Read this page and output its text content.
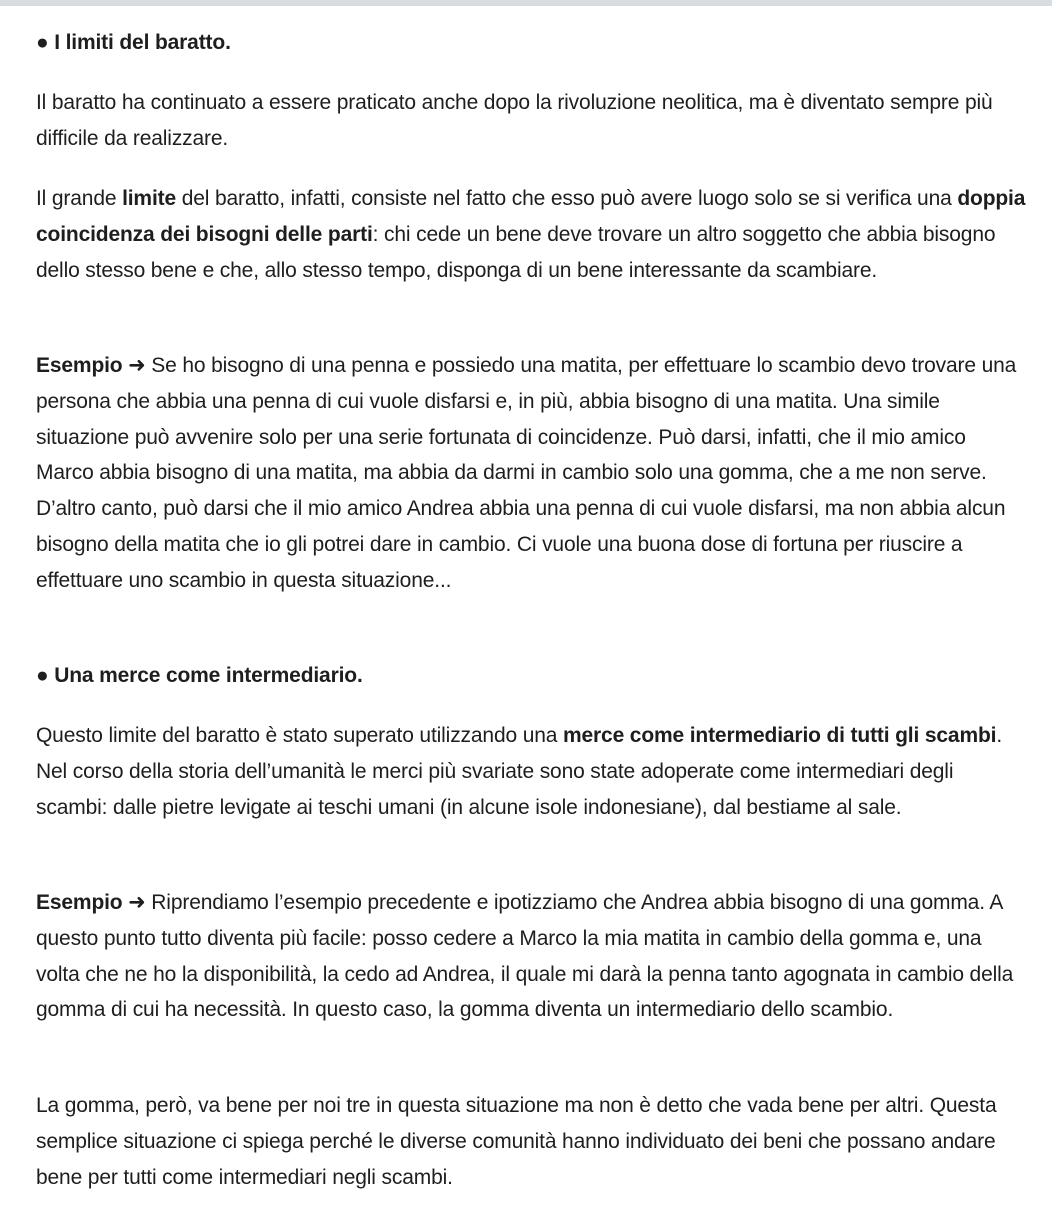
● I limiti del baratto.

Il baratto ha continuato a essere praticato anche dopo la rivoluzione neolitica, ma è diventato sempre più difficile da realizzare.

Il grande limite del baratto, infatti, consiste nel fatto che esso può avere luogo solo se si verifica una doppia coincidenza dei bisogni delle parti: chi cede un bene deve trovare un altro soggetto che abbia bisogno dello stesso bene e che, allo stesso tempo, disponga di un bene interessante da scambiare.

Esempio ➜ Se ho bisogno di una penna e possiedo una matita, per effettuare lo scambio devo trovare una persona che abbia una penna di cui vuole disfarsi e, in più, abbia bisogno di una matita. Una simile situazione può avvenire solo per una serie fortunata di coincidenze. Può darsi, infatti, che il mio amico Marco abbia bisogno di una matita, ma abbia da darmi in cambio solo una gomma, che a me non serve. D’altro canto, può darsi che il mio amico Andrea abbia una penna di cui vuole disfarsi, ma non abbia alcun bisogno della matita che io gli potrei dare in cambio. Ci vuole una buona dose di fortuna per riuscire a effettuare uno scambio in questa situazione...

● Una merce come intermediario.

Questo limite del baratto è stato superato utilizzando una merce come intermediario di tutti gli scambi. Nel corso della storia dell’umanità le merci più svariate sono state adoperate come intermediari degli scambi: dalle pietre levigate ai teschi umani (in alcune isole indonesiane), dal bestiame al sale.

Esempio ➜ Riprendiamo l’esempio precedente e ipotizziamo che Andrea abbia bisogno di una gomma. A questo punto tutto diventa più facile: posso cedere a Marco la mia matita in cambio della gomma e, una volta che ne ho la disponibilità, la cedo ad Andrea, il quale mi darà la penna tanto agognata in cambio della gomma di cui ha necessità. In questo caso, la gomma diventa un intermediario dello scambio.

La gomma, però, va bene per noi tre in questa situazione ma non è detto che vada bene per altri. Questa semplice situazione ci spiega perché le diverse comunità hanno individuato dei beni che possano andare bene per tutti come intermediari negli scambi.
